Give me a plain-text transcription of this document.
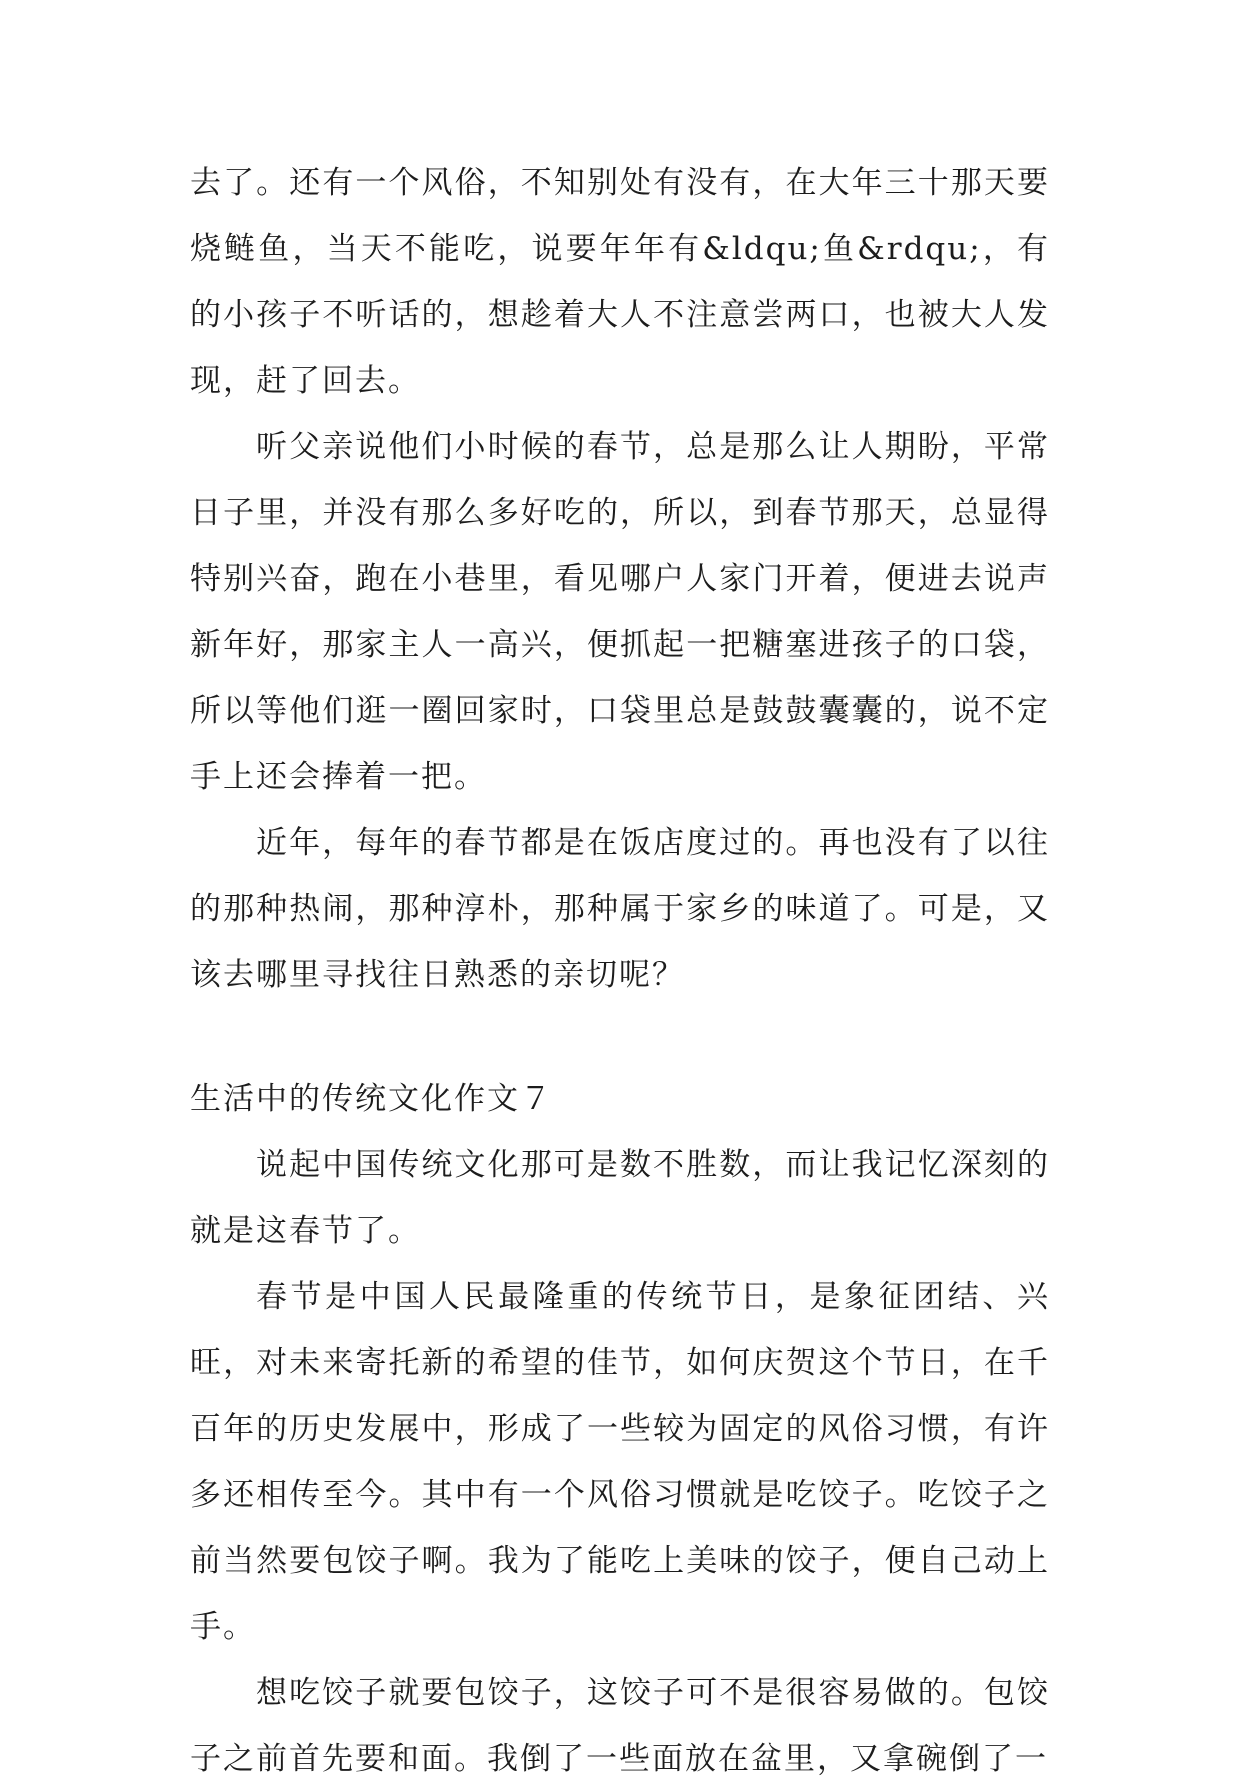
去了。还有一个风俗，不知别处有没有，在大年三十那天要烧鲢鱼，当天不能吃，说要年年有&ldqu;鱼&rdqu;，有的小孩子不听话的，想趁着大人不注意尝两口，也被大人发现，赶了回去。

听父亲说他们小时候的春节，总是那么让人期盼，平常日子里，并没有那么多好吃的，所以，到春节那天，总显得特别兴奋，跑在小巷里，看见哪户人家门开着，便进去说声新年好，那家主人一高兴，便抓起一把糖塞进孩子的口袋，所以等他们逛一圈回家时，口袋里总是鼓鼓囊囊的，说不定手上还会捧着一把。

近年，每年的春节都是在饭店度过的。再也没有了以往的那种热闹，那种淳朴，那种属于家乡的味道了。可是，又该去哪里寻找往日熟悉的亲切呢？

生活中的传统文化作文７

说起中国传统文化那可是数不胜数，而让我记忆深刻的就是这春节了。

春节是中国人民最隆重的传统节日，是象征团结、兴旺，对未来寄托新的希望的佳节，如何庆贺这个节日，在千百年的历史发展中，形成了一些较为固定的风俗习惯，有许多还相传至今。其中有一个风俗习惯就是吃饺子。吃饺子之前当然要包饺子啊。我为了能吃上美味的饺子，便自己动上手。

想吃饺子就要包饺子，这饺子可不是很容易做的。包饺子之前首先要和面。我倒了一些面放在盆里，又拿碗倒了一
